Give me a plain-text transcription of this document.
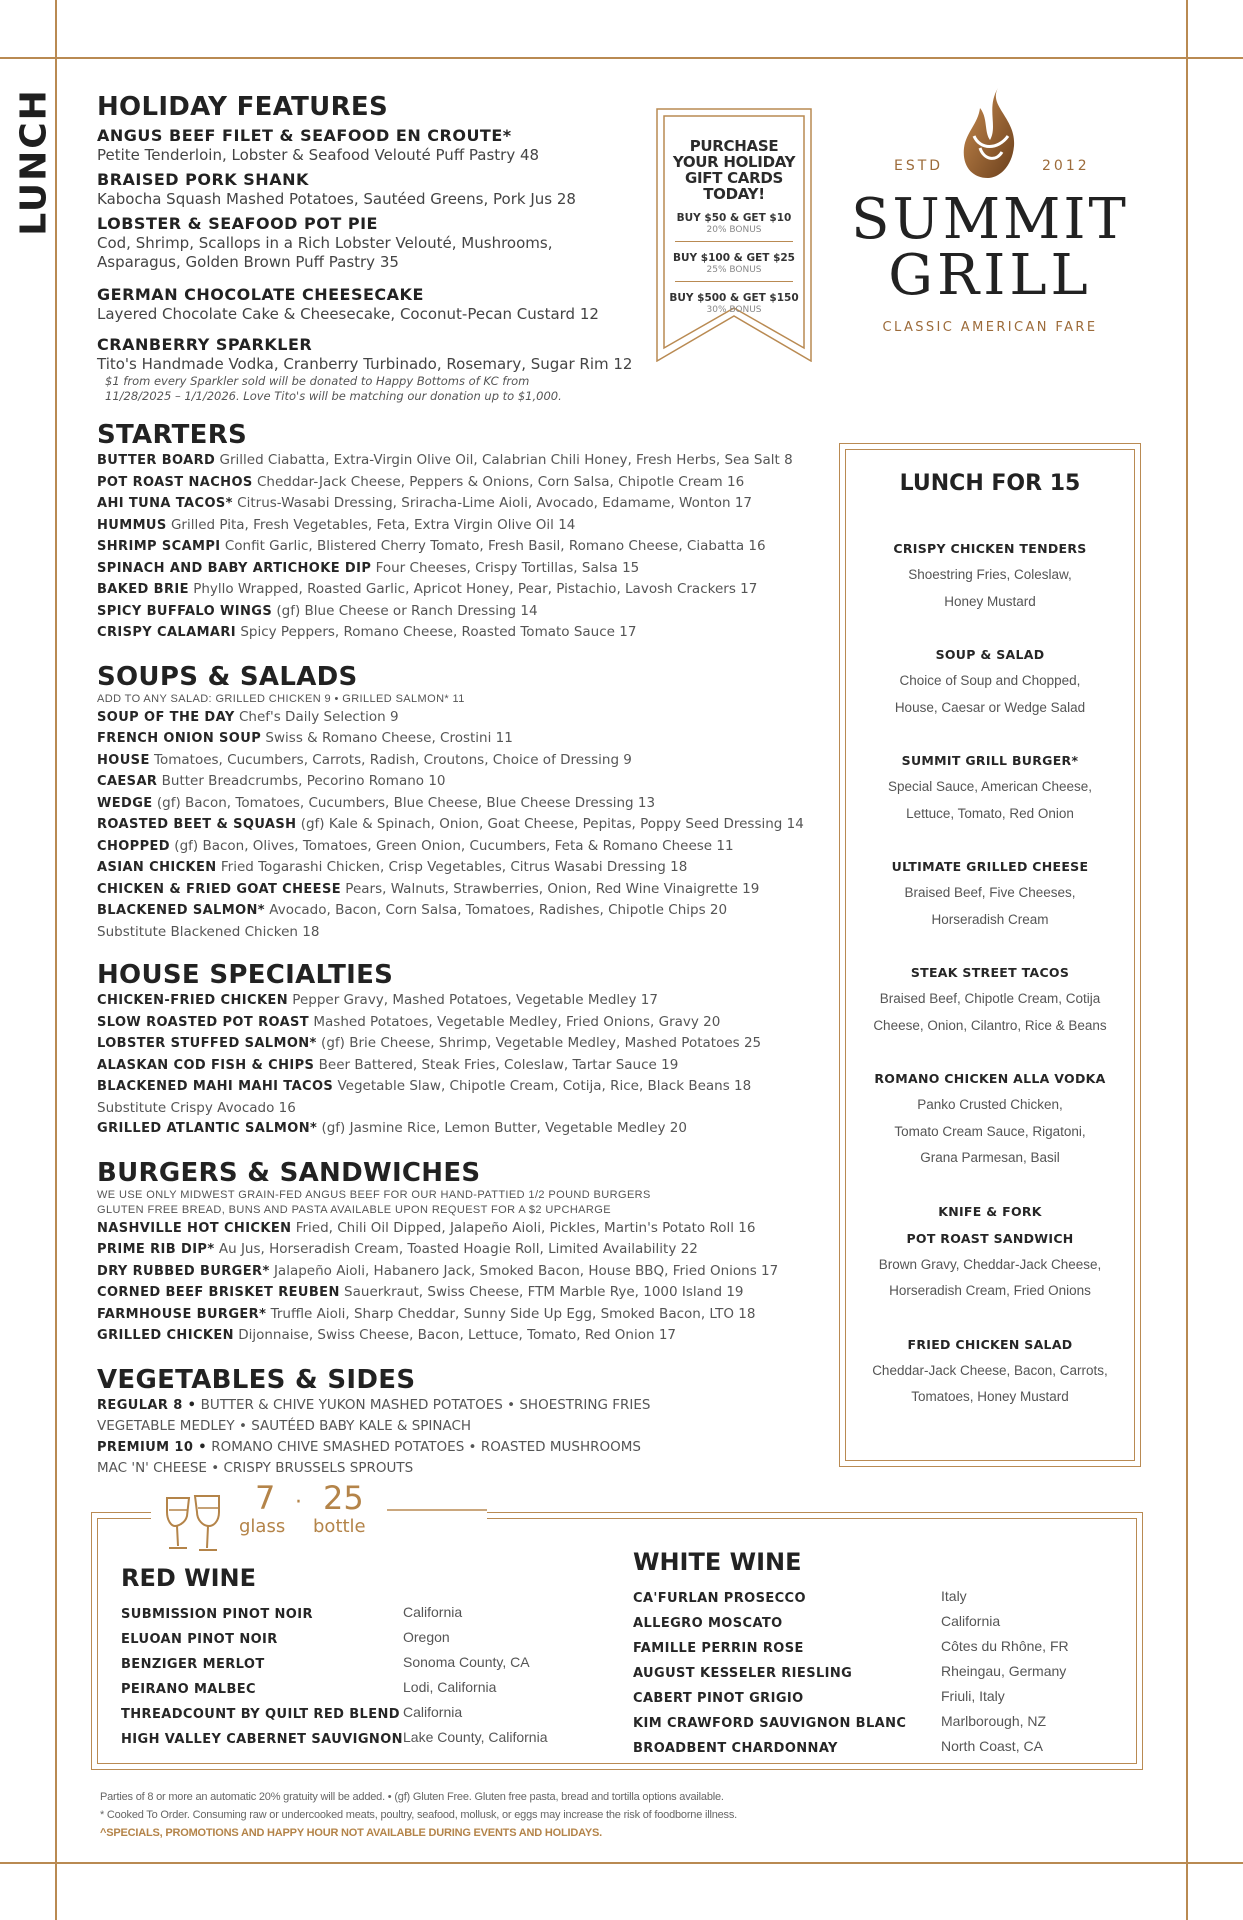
LUNCH HOLIDAY FEATURES
ANGUS BEEF FILET & SEAFOOD EN CROUTE*
Petite Tenderloin, Lobster & Seafood Velouté Puff Pastry 48
BRAISED PORK SHANK
Kabocha Squash Mashed Potatoes, Sautéed Greens, Pork Jus 28
LOBSTER & SEAFOOD POT PIE
Cod, Shrimp, Scallops in a Rich Lobster Velouté, Mushrooms,
Asparagus, Golden Brown Puff Pastry 35
GERMAN CHOCOLATE CHEESECAKE
Layered Chocolate Cake & Cheesecake, Coconut-Pecan Custard 12
CRANBERRY SPARKLER
Tito's Handmade Vodka, Cranberry Turbinado, Rosemary, Sugar Rim 12
$1 from every Sparkler sold will be donated to Happy Bottoms of KC from
11/28/2025 – 1/1/2026. Love Tito's will be matching our donation up to $1,000.
STARTERS
BUTTER BOARD Grilled Ciabatta, Extra-Virgin Olive Oil, Calabrian Chili Honey, Fresh Herbs, Sea Salt 8
POT ROAST NACHOS Cheddar-Jack Cheese, Peppers & Onions, Corn Salsa, Chipotle Cream 16
AHI TUNA TACOS* Citrus-Wasabi Dressing, Sriracha-Lime Aioli, Avocado, Edamame, Wonton 17
HUMMUS Grilled Pita, Fresh Vegetables, Feta, Extra Virgin Olive Oil 14
SHRIMP SCAMPI Confit Garlic, Blistered Cherry Tomato, Fresh Basil, Romano Cheese, Ciabatta 16
SPINACH AND BABY ARTICHOKE DIP Four Cheeses, Crispy Tortillas, Salsa 15
BAKED BRIE Phyllo Wrapped, Roasted Garlic, Apricot Honey, Pear, Pistachio, Lavosh Crackers 17
SPICY BUFFALO WINGS (gf) Blue Cheese or Ranch Dressing 14
CRISPY CALAMARI Spicy Peppers, Romano Cheese, Roasted Tomato Sauce 17
SOUPS & SALADS
ADD TO ANY SALAD: GRILLED CHICKEN 9 • GRILLED SALMON* 11
SOUP OF THE DAY Chef's Daily Selection 9
FRENCH ONION SOUP Swiss & Romano Cheese, Crostini 11
HOUSE Tomatoes, Cucumbers, Carrots, Radish, Croutons, Choice of Dressing 9
CAESAR Butter Breadcrumbs, Pecorino Romano 10
WEDGE (gf) Bacon, Tomatoes, Cucumbers, Blue Cheese, Blue Cheese Dressing 13
ROASTED BEET & SQUASH (gf) Kale & Spinach, Onion, Goat Cheese, Pepitas, Poppy Seed Dressing 14
CHOPPED (gf) Bacon, Olives, Tomatoes, Green Onion, Cucumbers, Feta & Romano Cheese 11
ASIAN CHICKEN Fried Togarashi Chicken, Crisp Vegetables, Citrus Wasabi Dressing 18
CHICKEN & FRIED GOAT CHEESE Pears, Walnuts, Strawberries, Onion, Red Wine Vinaigrette 19
BLACKENED SALMON* Avocado, Bacon, Corn Salsa, Tomatoes, Radishes, Chipotle Chips 20
Substitute Blackened Chicken 18
HOUSE SPECIALTIES
CHICKEN-FRIED CHICKEN Pepper Gravy, Mashed Potatoes, Vegetable Medley 17
SLOW ROASTED POT ROAST Mashed Potatoes, Vegetable Medley, Fried Onions, Gravy 20
LOBSTER STUFFED SALMON* (gf) Brie Cheese, Shrimp, Vegetable Medley, Mashed Potatoes 25
ALASKAN COD FISH & CHIPS Beer Battered, Steak Fries, Coleslaw, Tartar Sauce 19
BLACKENED MAHI MAHI TACOS Vegetable Slaw, Chipotle Cream, Cotija, Rice, Black Beans 18
Substitute Crispy Avocado 16
GRILLED ATLANTIC SALMON* (gf) Jasmine Rice, Lemon Butter, Vegetable Medley 20
BURGERS & SANDWICHES
WE USE ONLY MIDWEST GRAIN-FED ANGUS BEEF FOR OUR HAND-PATTIED 1/2 POUND BURGERS
GLUTEN FREE BREAD, BUNS AND PASTA AVAILABLE UPON REQUEST FOR A $2 UPCHARGE
NASHVILLE HOT CHICKEN Fried, Chili Oil Dipped, Jalapeño Aioli, Pickles, Martin's Potato Roll 16
PRIME RIB DIP* Au Jus, Horseradish Cream, Toasted Hoagie Roll, Limited Availability 22
DRY RUBBED BURGER* Jalapeño Aioli, Habanero Jack, Smoked Bacon, House BBQ, Fried Onions 17
CORNED BEEF BRISKET REUBEN Sauerkraut, Swiss Cheese, FTM Marble Rye, 1000 Island 19
FARMHOUSE BURGER* Truffle Aioli, Sharp Cheddar, Sunny Side Up Egg, Smoked Bacon, LTO 18
GRILLED CHICKEN Dijonnaise, Swiss Cheese, Bacon, Lettuce, Tomato, Red Onion 17
VEGETABLES & SIDES
REGULAR 8 • BUTTER & CHIVE YUKON MASHED POTATOES • SHOESTRING FRIES
VEGETABLE MEDLEY • SAUTÉED BABY KALE & SPINACH
PREMIUM 10 • ROMANO CHIVE SMASHED POTATOES • ROASTED MUSHROOMS
MAC 'N' CHEESE • CRISPY BRUSSELS SPROUTS
PURCHASE
YOUR HOLIDAY
GIFT CARDS
TODAY!
BUY $50 & GET $10
20% BONUS
BUY $100 & GET $25
25% BONUS
BUY $500 & GET $150
30% BONUS
ESTD	2012
SUMMIT
GRILL
CLASSIC AMERICAN FARE
LUNCH FOR 15
CRISPY CHICKEN TENDERS
Shoestring Fries, Coleslaw,
Honey Mustard
SOUP & SALAD
Choice of Soup and Chopped,
House, Caesar or Wedge Salad
SUMMIT GRILL BURGER*
Special Sauce, American Cheese,
Lettuce, Tomato, Red Onion
ULTIMATE GRILLED CHEESE
Braised Beef, Five Cheeses,
Horseradish Cream
STEAK STREET TACOS
Braised Beef, Chipotle Cream, Cotija
Cheese, Onion, Cilantro, Rice & Beans
ROMANO CHICKEN ALLA VODKA
Panko Crusted Chicken,
Tomato Cream Sauce, Rigatoni,
Grana Parmesan, Basil
KNIFE & FORK
POT ROAST SANDWICH
Brown Gravy, Cheddar-Jack Cheese,
Horseradish Cream, Fried Onions
FRIED CHICKEN SALAD
Cheddar-Jack Cheese, Bacon, Carrots,
Tomatoes, Honey Mustard
7
glass
· 25
bottle
RED WINE
SUBMISSION PINOT NOIR	California
ELUOAN PINOT NOIR	Oregon
BENZIGER MERLOT	Sonoma County, CA
PEIRANO MALBEC	Lodi, California
THREADCOUNT BY QUILT RED BLEND California
HIGH VALLEY CABERNET SAUVIGNON Lake County, California
WHITE WINE
CA'FURLAN PROSECCO	Italy
ALLEGRO MOSCATO	California
FAMILLE PERRIN ROSE	Côtes du Rhône, FR
AUGUST KESSELER RIESLING	Rheingau, Germany
CABERT PINOT GRIGIO	Friuli, Italy
KIM CRAWFORD SAUVIGNON BLANC Marlborough, NZ
BROADBENT CHARDONNAY	North Coast, CA
Parties of 8 or more an automatic 20% gratuity will be added. • (gf) Gluten Free. Gluten free pasta, bread and tortilla options available.
* Cooked To Order. Consuming raw or undercooked meats, poultry, seafood, mollusk, or eggs may increase the risk of foodborne illness.
^SPECIALS, PROMOTIONS AND HAPPY HOUR NOT AVAILABLE DURING EVENTS AND HOLIDAYS.
